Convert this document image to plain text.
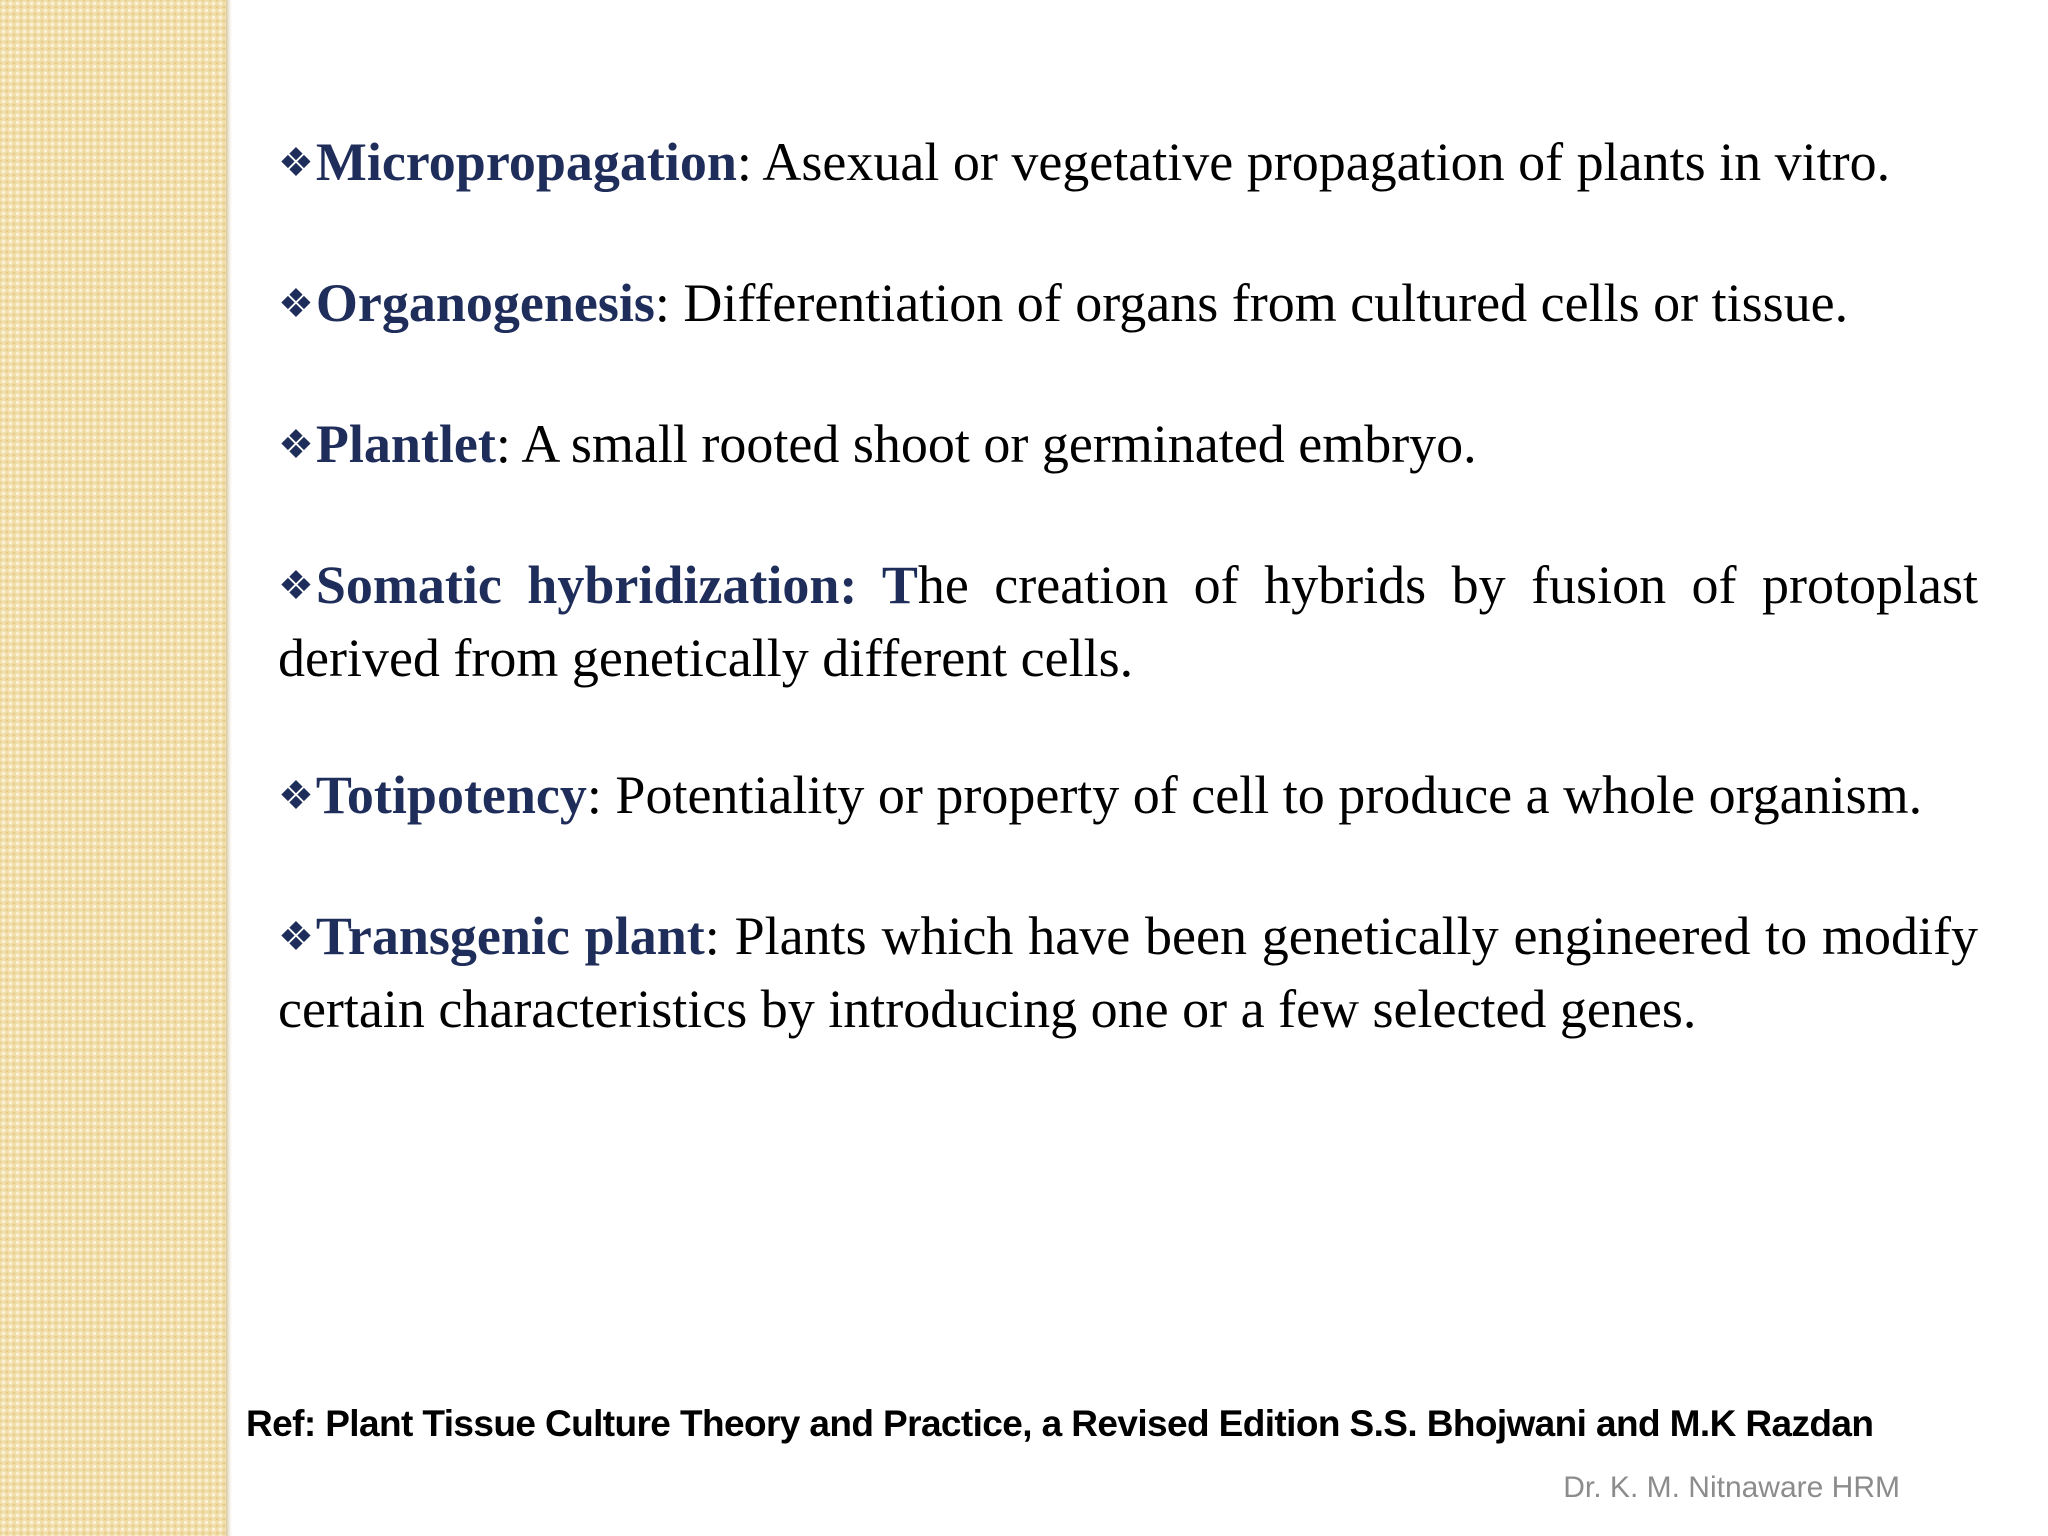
❖Micropropagation: Asexual or vegetative propagation of plants in vitro.

❖Organogenesis: Differentiation of organs from cultured cells or tissue.

❖Plantlet: A small rooted shoot or germinated embryo.

❖Somatic hybridization: The creation of hybrids by fusion of protoplast derived from genetically different cells.

❖Totipotency: Potentiality or property of cell to produce a whole organism.

❖Transgenic plant: Plants which have been genetically engineered to modify certain characteristics by introducing one or a few selected genes.

Ref: Plant Tissue Culture Theory and Practice, a Revised Edition S.S. Bhojwani and M.K Razdan
Dr. K. M. Nitnaware HRM
